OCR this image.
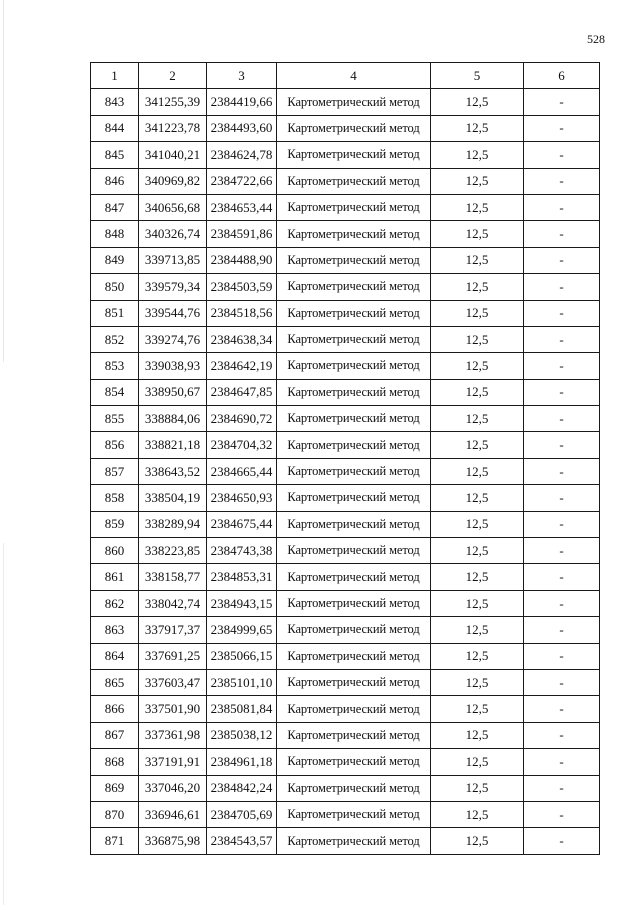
528
1	2	3	4	5	6
843	341255,39	2384419,66	Картометрический метод	12,5	-
844	341223,78	2384493,60	Картометрический метод	12,5	-
845	341040,21	2384624,78	Картометрический метод	12,5	-
846	340969,82	2384722,66	Картометрический метод	12,5	-
847	340656,68	2384653,44	Картометрический метод	12,5	-
848	340326,74	2384591,86	Картометрический метод	12,5	-
849	339713,85	2384488,90	Картометрический метод	12,5	-
850	339579,34	2384503,59	Картометрический метод	12,5	-
851	339544,76	2384518,56	Картометрический метод	12,5	-
852	339274,76	2384638,34	Картометрический метод	12,5	-
853	339038,93	2384642,19	Картометрический метод	12,5	-
854	338950,67	2384647,85	Картометрический метод	12,5	-
855	338884,06	2384690,72	Картометрический метод	12,5	-
856	338821,18	2384704,32	Картометрический метод	12,5	-
857	338643,52	2384665,44	Картометрический метод	12,5	-
858	338504,19	2384650,93	Картометрический метод	12,5	-
859	338289,94	2384675,44	Картометрический метод	12,5	-
860	338223,85	2384743,38	Картометрический метод	12,5	-
861	338158,77	2384853,31	Картометрический метод	12,5	-
862	338042,74	2384943,15	Картометрический метод	12,5	-
863	337917,37	2384999,65	Картометрический метод	12,5	-
864	337691,25	2385066,15	Картометрический метод	12,5	-
865	337603,47	2385101,10	Картометрический метод	12,5	-
866	337501,90	2385081,84	Картометрический метод	12,5	-
867	337361,98	2385038,12	Картометрический метод	12,5	-
868	337191,91	2384961,18	Картометрический метод	12,5	-
869	337046,20	2384842,24	Картометрический метод	12,5	-
870	336946,61	2384705,69	Картометрический метод	12,5	-
871	336875,98	2384543,57	Картометрический метод	12,5	-
